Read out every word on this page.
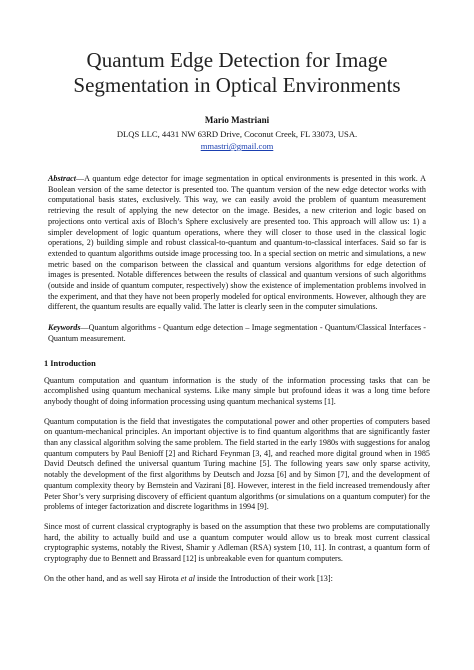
Quantum Edge Detection for Image Segmentation in Optical Environments
Mario Mastriani
DLQS LLC, 4431 NW 63RD Drive, Coconut Creek, FL 33073, USA.
mmastri@gmail.com
Abstract—A quantum edge detector for image segmentation in optical environments is presented in this work. A Boolean version of the same detector is presented too. The quantum version of the new edge detector works with computational basis states, exclusively. This way, we can easily avoid the problem of quantum measurement retrieving the result of applying the new detector on the image. Besides, a new criterion and logic based on projections onto vertical axis of Bloch’s Sphere exclusively are presented too. This approach will allow us: 1) a simpler development of logic quantum operations, where they will closer to those used in the classical logic operations, 2) building simple and robust classical-to-quantum and quantum-to-classical interfaces. Said so far is extended to quantum algorithms outside image processing too. In a special section on metric and simulations, a new metric based on the comparison between the classical and quantum versions algorithms for edge detection of images is presented. Notable differences between the results of classical and quantum versions of such algorithms (outside and inside of quantum computer, respectively) show the existence of implementation problems involved in the experiment, and that they have not been properly modeled for optical environments. However, although they are different, the quantum results are equally valid. The latter is clearly seen in the computer simulations.
Keywords—Quantum algorithms - Quantum edge detection – Image segmentation - Quantum/Classical Interfaces - Quantum measurement.
1 Introduction

Quantum computation and quantum information is the study of the information processing tasks that can be accomplished using quantum mechanical systems. Like many simple but profound ideas it was a long time before anybody thought of doing information processing using quantum mechanical systems [1].

Quantum computation is the field that investigates the computational power and other properties of computers based on quantum-mechanical principles. An important objective is to find quantum algorithms that are significantly faster than any classical algorithm solving the same problem. The field started in the early 1980s with suggestions for analog quantum computers by Paul Benioff [2] and Richard Feynman [3, 4], and reached more digital ground when in 1985 David Deutsch defined the universal quantum Turing machine [5]. The following years saw only sparse activity, notably the development of the first algorithms by Deutsch and Jozsa [6] and by Simon [7], and the development of quantum complexity theory by Bernstein and Vazirani [8]. However, interest in the field increased tremendously after Peter Shor’s very surprising discovery of efficient quantum algorithms (or simulations on a quantum computer) for the problems of integer factorization and discrete logarithms in 1994 [9].

Since most of current classical cryptography is based on the assumption that these two problems are computationally hard, the ability to actually build and use a quantum computer would allow us to break most current classical cryptographic systems, notably the Rivest, Shamir y Adleman (RSA) system [10, 11]. In contrast, a quantum form of cryptography due to Bennett and Brassard [12] is unbreakable even for quantum computers.

On the other hand, and as well say Hirota et al inside the Introduction of their work [13]:
